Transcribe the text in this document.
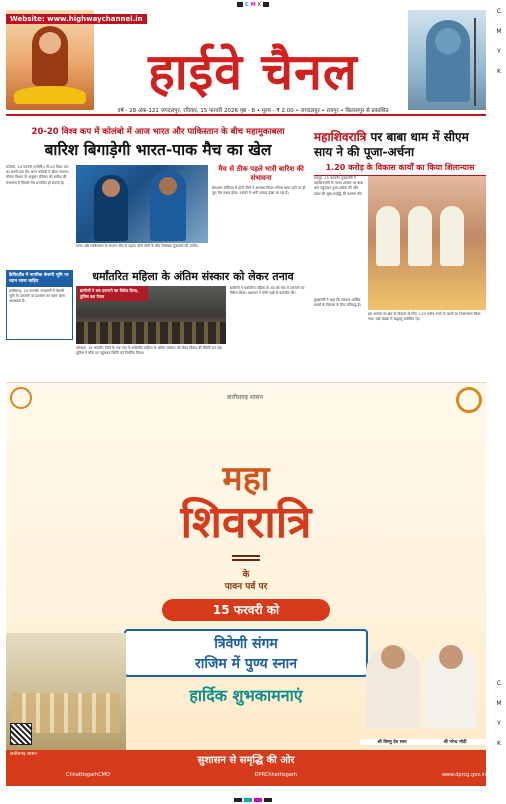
C M K
C
M
Y
K
C
M
Y
K
Website: www.highwaychannel.in
हाईवे चैनल
वर्ष - 28 अंक-121 जगदलपुर, रविवार, 15 फरवरी 2026 पृष्ठ - 8 • मूल्य - ₹ 2.00 • जगदलपुर • रायपुर • बिलासपुर से प्रकाशित
20-20 विश्व कप में कोलंबो में आज भारत और पाकिस्तान के बीच महामुकाबला
बारिश बिगाड़ेगी भारत-पाक मैच का खेल
कोलंबो, 14 फरवरी (एजेंसी)। टी-20 विश्व कप का सबसे बड़ा मैच आज कोलंबो में खेला जाएगा। मौसम विभाग के अनुसार रविवार को बारिश की संभावना है जिससे मैच प्रभावित हो सकता है।
मैच से ठीक पहले भारी बारिश की संभावना
प्रेमदासा स्टेडियम में दोनों टीमों ने अभ्यास किया। मौसम साफ रहने पर ही पूरा मैच संभव होगा। दर्शकों में भारी उत्साह देखा जा रहा है।
भारत और पाकिस्तान के कप्तान टॉस से पहले। दोनों टीमों के बीच रोमांचक मुकाबले की उम्मीद।
कैपिटलैंड में नागरिक बेनामी भूमि पर ध्यान जाना चाहिए
छत्तीसगढ़, 15 फरवरी। राजधानी में बेनामी भूमि के प्रकरणों पर प्रशासन का ध्यान जाना आवश्यक है।
धर्मांतरित महिला के अंतिम संस्कार को लेकर तनाव
ग्रामीणों ने शव दफनाने का विरोध किया, पुलिस बल तैनात
ग्रामीणों ने धर्मांतरित महिला के शव को गांव में दफनाने का विरोध किया। प्रशासन ने दोनों पक्षों से बातचीत की।
दंतेवाड़ा, 15 फरवरी। जिले के एक गांव में धर्मांतरित महिला के अंतिम संस्कार को लेकर विवाद की स्थिति बन गई। पुलिस ने मौके पर पहुंचकर स्थिति को नियंत्रित किया।
महाशिवरात्रि पर बाबा धाम में सीएम साय ने की पूजा-अर्चना
1.20 करोड़ के विकास कार्यों का किया शिलान्यास
रायपुर, 15 फरवरी। मुख्यमंत्री ने महाशिवरात्रि के पावन अवसर पर बाबा धाम पहुंचकर पूजा-अर्चना की और प्रदेश की सुख-समृद्धि की कामना की।
इस अवसर पर क्षेत्र के विकास के लिए 1.20 करोड़ रुपये के कार्यों का शिलान्यास किया गया। बड़ी संख्या में श्रद्धालु उपस्थित रहे।
मुख्यमंत्री ने कहा कि सरकार धार्मिक स्थलों के विकास के लिए प्रतिबद्ध है।
छत्तीसगढ़ शासन
महा
शिवरात्रि
के
पावन पर्व पर
15 फरवरी को
त्रिवेणी संगम
राजिम में पुण्य स्नान
हार्दिक शुभकामनाएं
श्री विष्णु देव साय	श्री नरेन्द्र मोदी
छत्तीसगढ़ शासन
सुशासन से समृद्धि की ओर
ChhattisgarhCMO	DPRChhattisgarh	www.dprcg.gov.in
